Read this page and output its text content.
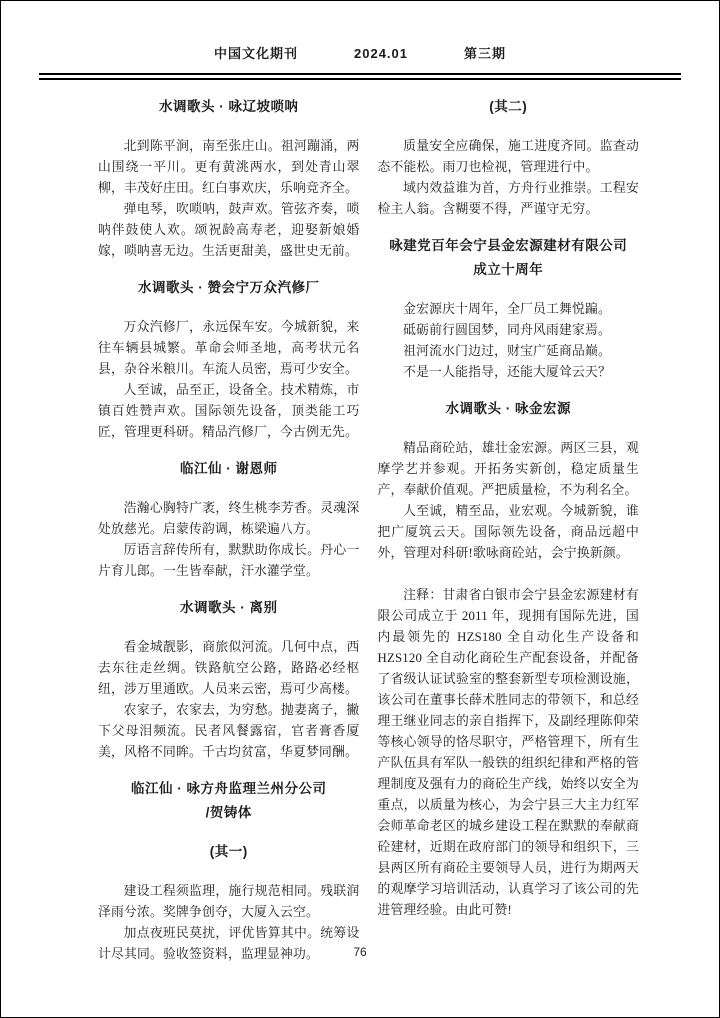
中国文化期刊	2024.01	第三期
水调歌头 · 咏辽坡唢呐

北到陈平涧，南至张庄山。祖河蹦涌，两山围绕一平川。更有黄洮两水，到处青山翠柳，丰茂好庄田。红白事欢庆，乐响竞齐全。

弹电琴，吹唢呐，鼓声欢。管弦齐奏，唢呐伴鼓使人欢。颂祝龄高寿老，迎娶新娘婚嫁，唢呐喜无边。生活更甜美，盛世史无前。

水调歌头 · 赞会宁万众汽修厂

万众汽修厂，永远保车安。今城新貌，来往车辆县城繁。革命会师圣地，高考状元名县，杂谷米粮川。车流人员密，焉可少安全。

人至诚，品至正，设备全。技术精炼，市镇百姓赞声欢。国际领先设备，顶类能工巧匠，管理更科研。精品汽修厂，今古例无先。

临江仙 · 谢恩师

浩瀚心胸特广袤，终生桃李芳香。灵魂深处放慈光。启蒙传韵调，栋梁遍八方。

厉语言辞传所有，默默助你成长。丹心一片育儿郎。一生皆奉献，汗水灌学堂。

水调歌头 · 离别

看金城靓影，商旅似河流。几何中点，西去东往走丝绸。铁路航空公路，路路必经枢纽，涉万里通欧。人员来云密，焉可少高楼。

农家子，农家去，为穷愁。抛妻离子，撇下父母泪频流。民者风餐露宿，官者膏香厦美，风格不同眸。千古均贫富，华夏梦同酬。

临江仙 · 咏方舟监理兰州分公司
/贺铸体
(其一)

建设工程须监理，施行规范相同。残联润泽雨兮浓。奖牌争创夺，大厦入云空。

加点夜班民莫扰，评优皆算其中。统筹设计尽其同。验收签资料，监理显神功。

(其二)

质量安全应确保，施工进度齐同。监查动态不能松。雨刀也检视，管理进行中。

域内效益谁为首，方舟行业推崇。工程安检主人翁。含糊要不得，严谨守无穷。

咏建党百年会宁县金宏源建材有限公司
成立十周年

金宏源庆十周年，全厂员工舞悦蹁。

砥砺前行圆国梦，同舟风雨建家焉。

祖河流水门边过，财宝广延商品巅。

不是一人能指导，还能大厦耸云天？

水调歌头 · 咏金宏源

精品商砼站，雄壮金宏源。两区三县，观摩学艺并参观。开拓务实新创，稳定质量生产，奉献价值观。严把质量检，不为利名全。

人至诚，精至品，业宏观。今城新貌，谁把广厦筑云天。国际领先设备，商品远超中外，管理对科研!歌咏商砼站，会宁换新颜。

注释：甘肃省白银市会宁县金宏源建材有限公司成立于 2011 年，现拥有国际先进，国内最领先的 HZS180 全自动化生产设备和 HZS120 全自动化商砼生产配套设备，并配备了省级认证试验室的整套新型专项检测设施，该公司在董事长薛术胜同志的带领下，和总经理王继业同志的亲自指挥下，及副经理陈仰荣等核心领导的恪尽职守，严格管理下，所有生产队伍具有军队一般铁的组织纪律和严格的管理制度及强有力的商砼生产线，始终以安全为重点，以质量为核心，为会宁县三大主力红军会师革命老区的城乡建设工程在默默的奉献商砼建材，近期在政府部门的领导和组织下，三县两区所有商砼主要领导人员，进行为期两天的观摩学习培训活动，认真学习了该公司的先进管理经验。由此可赞!

76
